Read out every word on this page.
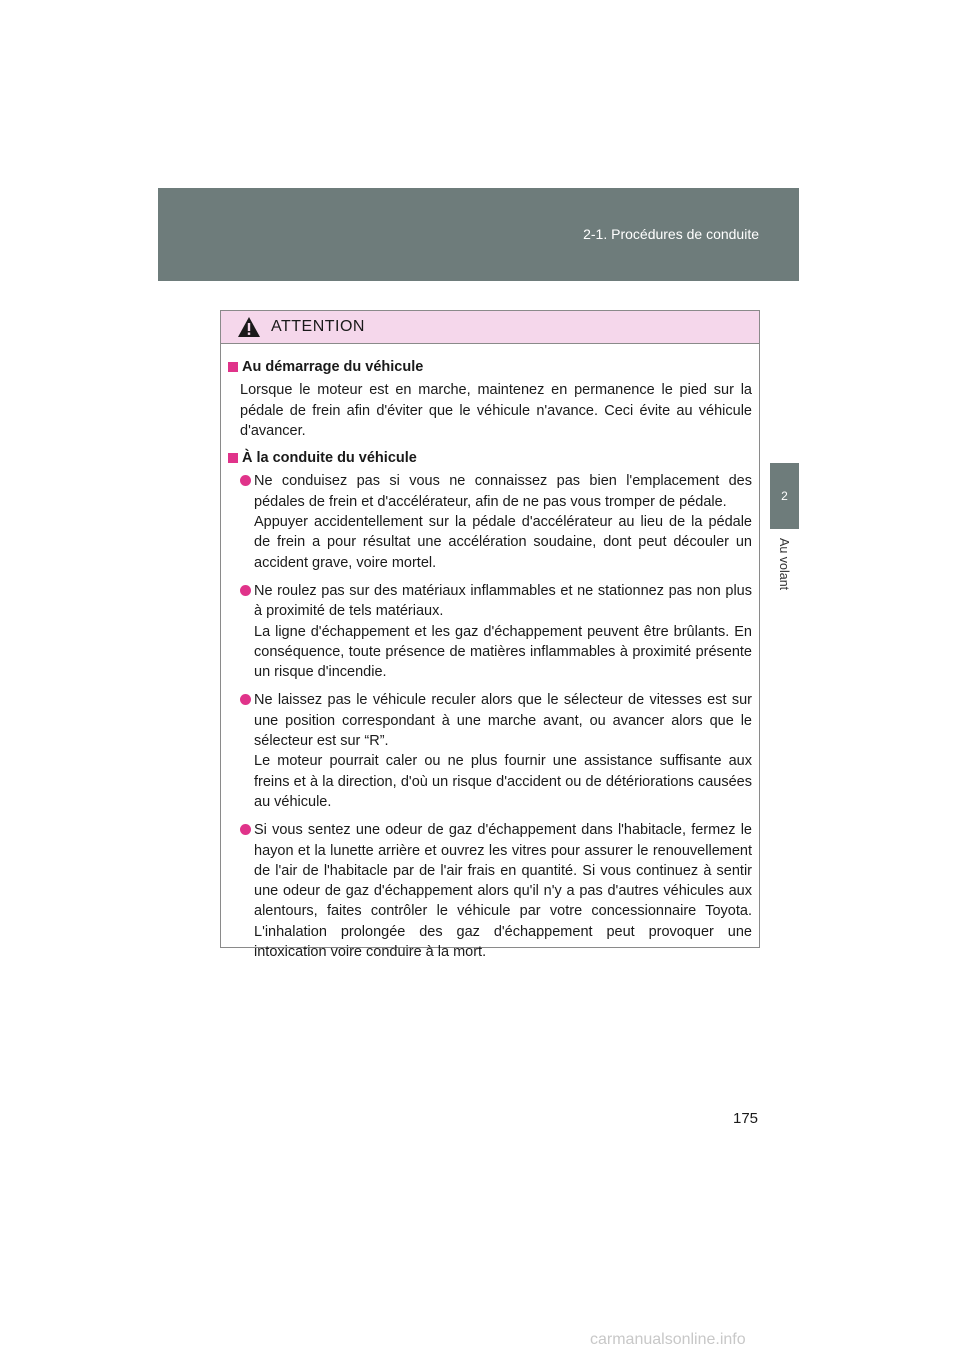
2-1. Procédures de conduite
2
Au volant
ATTENTION
Au démarrage du véhicule
Lorsque le moteur est en marche, maintenez en permanence le pied sur la pédale de frein afin d'éviter que le véhicule n'avance. Ceci évite au véhicule d'avancer.
À la conduite du véhicule

Ne conduisez pas si vous ne connaissez pas bien l'emplacement des pédales de frein et d'accélérateur, afin de ne pas vous tromper de pédale.

Appuyer accidentellement sur la pédale d'accélérateur au lieu de la pédale de frein a pour résultat une accélération soudaine, dont peut découler un accident grave, voire mortel.

Ne roulez pas sur des matériaux inflammables et ne stationnez pas non plus à proximité de tels matériaux.

La ligne d'échappement et les gaz d'échappement peuvent être brûlants. En conséquence, toute présence de matières inflammables à proximité présente un risque d'incendie.

Ne laissez pas le véhicule reculer alors que le sélecteur de vitesses est sur une position correspondant à une marche avant, ou avancer alors que le sélecteur est sur “R”.

Le moteur pourrait caler ou ne plus fournir une assistance suffisante aux freins et à la direction, d'où un risque d'accident ou de détériorations causées au véhicule.

Si vous sentez une odeur de gaz d'échappement dans l'habitacle, fermez le hayon et la lunette arrière et ouvrez les vitres pour assurer le renouvellement de l'air de l'habitacle par de l'air frais en quantité. Si vous continuez à sentir une odeur de gaz d'échappement alors qu'il n'y a pas d'autres véhicules aux alentours, faites contrôler le véhicule par votre concessionnaire Toyota. L'inhalation prolongée des gaz d'échappement peut provoquer une intoxication voire conduire à la mort.

175
carmanualsonline.info
